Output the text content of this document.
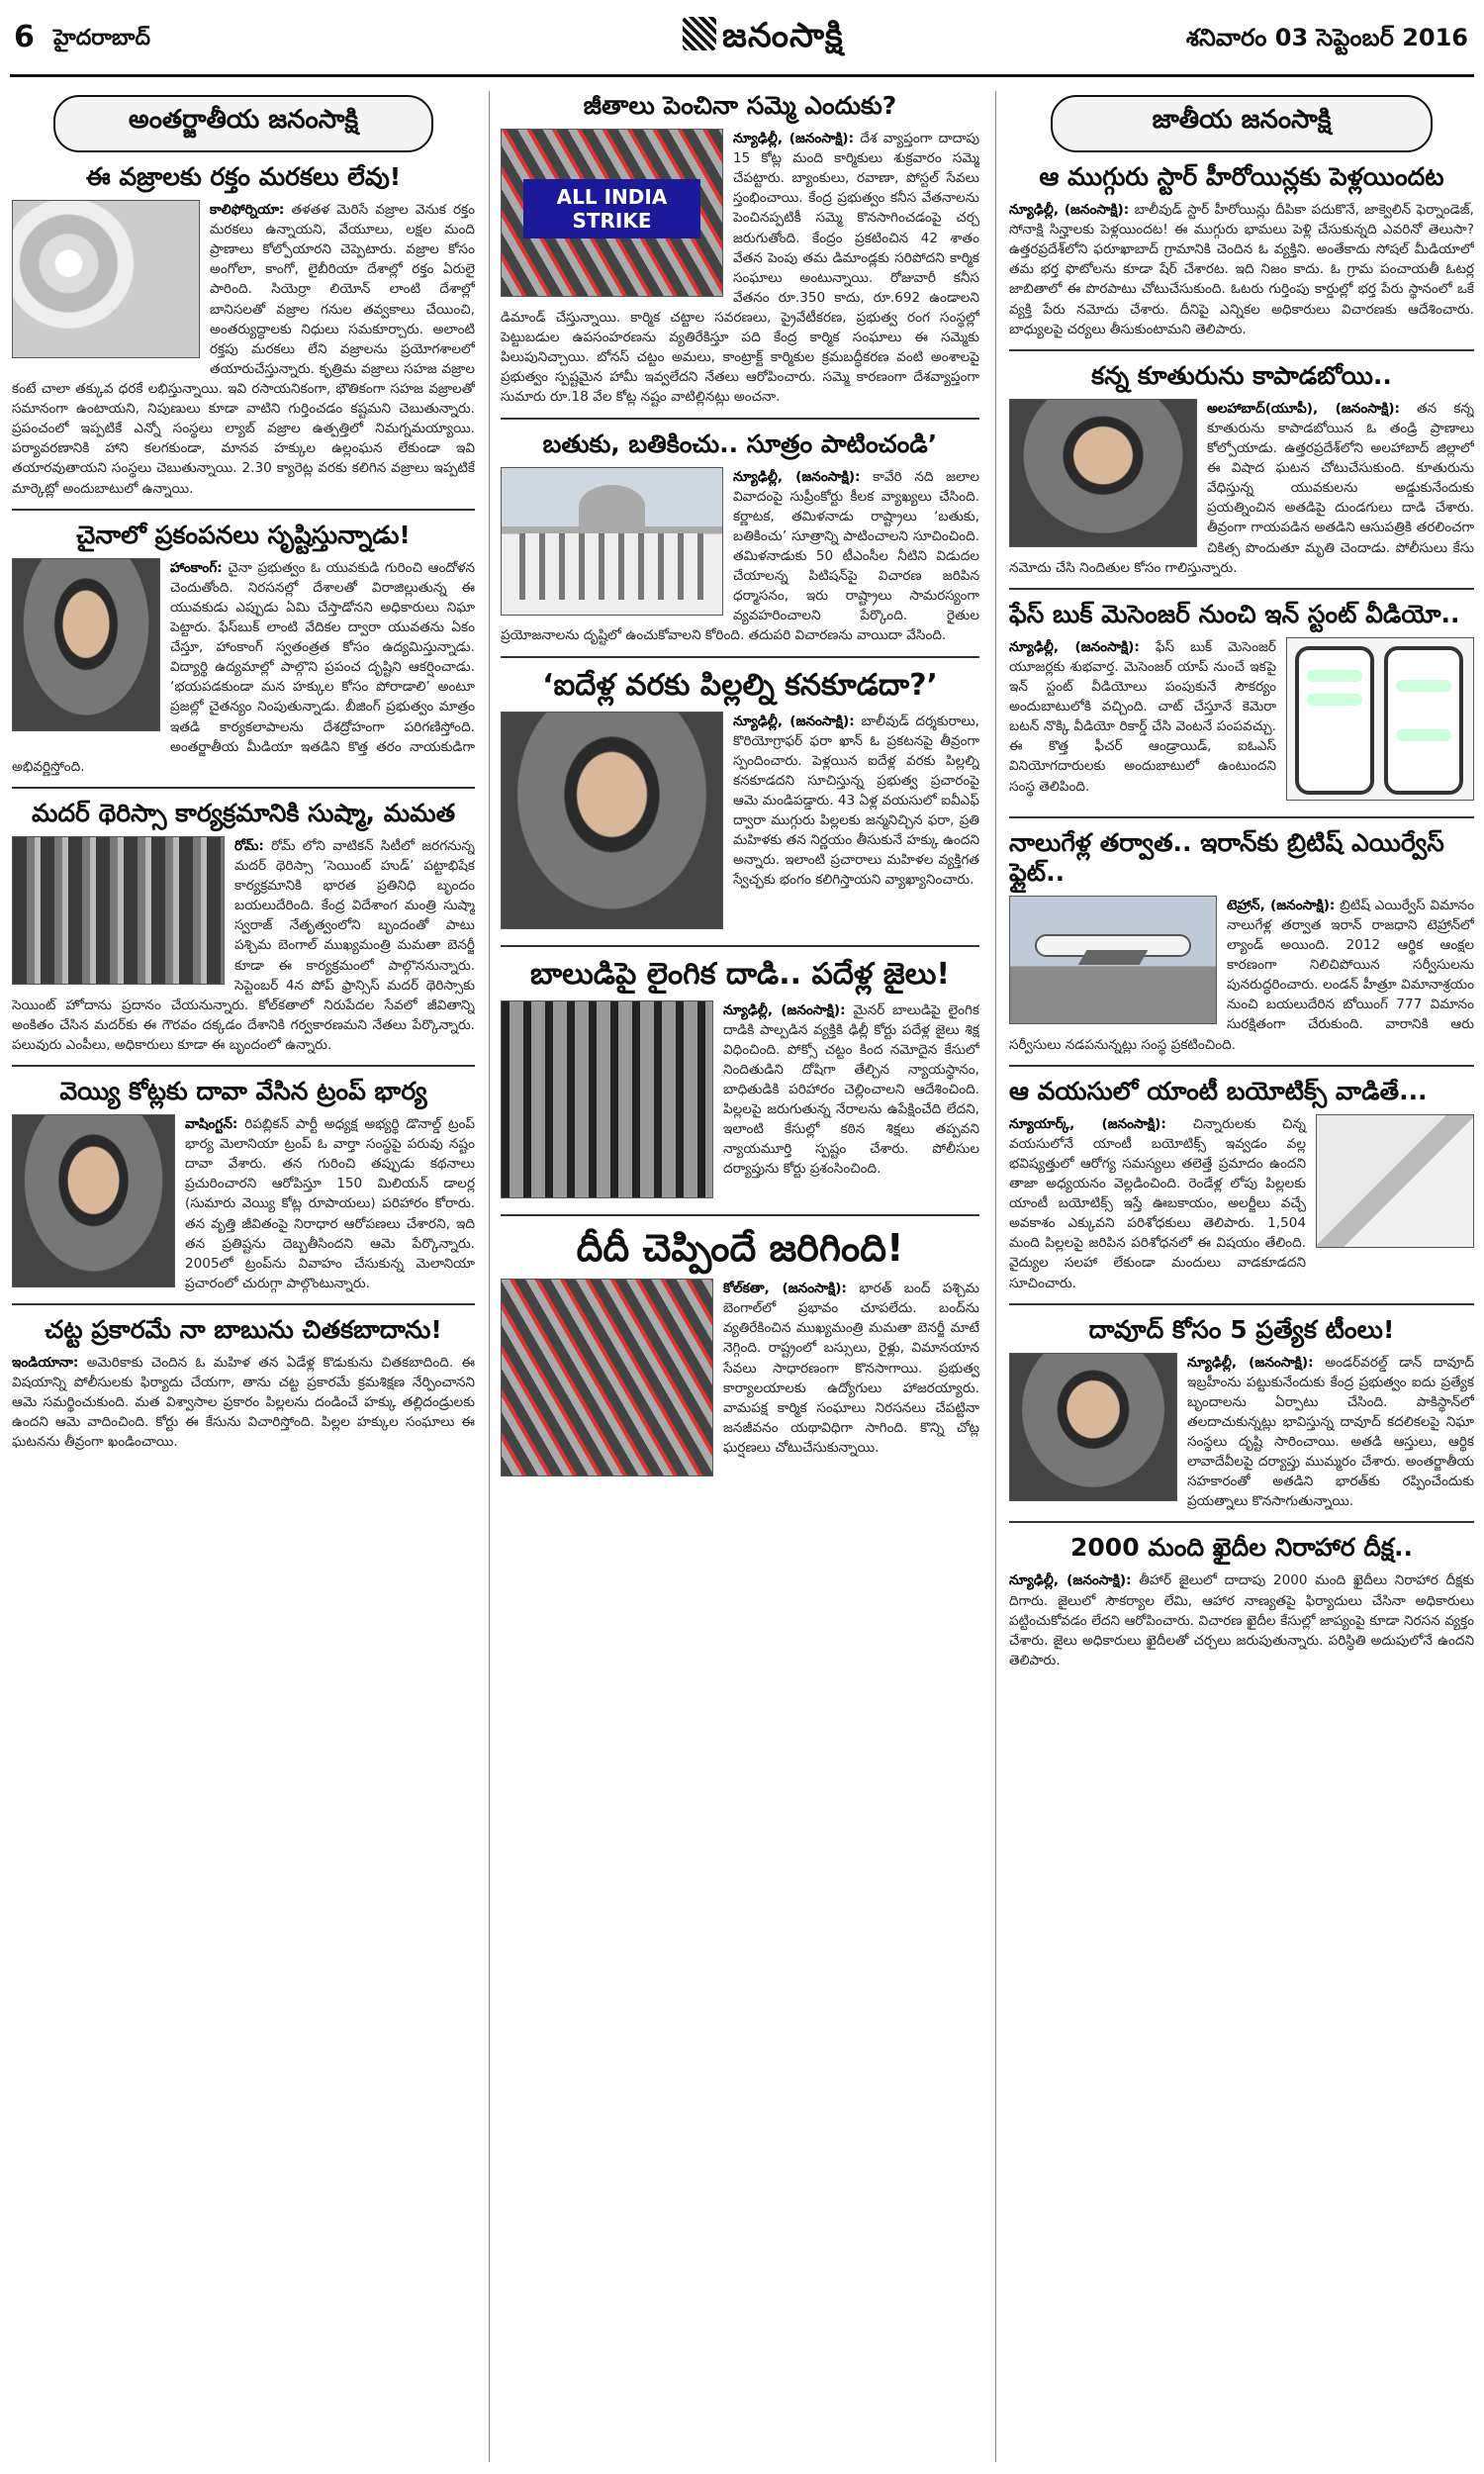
6 హైదరాబాద్	జనంసాక్షి	శనివారం 03 సెప్టెంబర్ 2016
అంతర్జాతీయ జనంసాక్షి
ఈ వజ్రాలకు రక్తం మరకలు లేవు!

కాలిఫోర్నియా: తళతళ మెరిసే వజ్రాల వెనుక రక్తం మరకలు ఉన్నాయని, వేయూలు, లక్షల మంది ప్రాణాలు కోల్పోయారని చెప్పెటారు. వజ్రాల కోసం అంగోలా, కాంగో, లైబీరియా దేశాల్లో రక్తం ఏరులై పారింది. సియెర్రా లియోన్ లాంటి దేశాల్లో బానిసలతో వజ్రాల గనుల తవ్వకాలు చేయించి, అంతర్యుద్ధాలకు నిధులు సమకూర్చారు. అలాంటి రక్తపు మరకలు లేని వజ్రాలను ప్రయోగశాలలో తయారుచేస్తున్నారు. కృత్రిమ వజ్రాలు సహజ వజ్రాల కంటే చాలా తక్కువ ధరకే లభిస్తున్నాయి. ఇవి రసాయనికంగా, భౌతికంగా సహజ వజ్రాలతో సమానంగా ఉంటాయని, నిపుణులు కూడా వాటిని గుర్తించడం కష్టమని చెబుతున్నారు. ప్రపంచంలో ఇప్పటికే ఎన్నో సంస్థలు ల్యాబ్ వజ్రాల ఉత్పత్తిలో నిమగ్నమయ్యాయి. పర్యావరణానికి హాని కలగకుండా, మానవ హక్కుల ఉల్లంఘన లేకుండా ఇవి తయారవుతాయని సంస్థలు చెబుతున్నాయి. 2.30 క్యారెట్ల వరకు కలిగిన వజ్రాలు ఇప్పటికే మార్కెట్లో అందుబాటులో ఉన్నాయి.

చైనాలో ప్రకంపనలు సృష్టిస్తున్నాడు!

హాంకాంగ్: చైనా ప్రభుత్వం ఓ యువకుడి గురించి ఆందోళన చెందుతోంది. నిరసనల్లో దేశాలతో విరాజిల్లుతున్న ఈ యువకుడు ఎప్పుడు ఏమి చేస్తాడోనని అధికారులు నిఘా పెట్టారు. ఫేస్‌బుక్ లాంటి వేదికల ద్వారా యువతను ఏకం చేస్తూ, హాంకాంగ్ స్వతంత్రత కోసం ఉద్యమిస్తున్నాడు. విద్యార్థి ఉద్యమాల్లో పాల్గొని ప్రపంచ దృష్టిని ఆకర్షించాడు. ‘భయపడకుండా మన హక్కుల కోసం పోరాడాలి’ అంటూ ప్రజల్లో చైతన్యం నింపుతున్నాడు. బీజింగ్ ప్రభుత్వం మాత్రం ఇతడి కార్యకలాపాలను దేశద్రోహంగా పరిగణిస్తోంది. అంతర్జాతీయ మీడియా ఇతడిని కొత్త తరం నాయకుడిగా అభివర్ణిస్తోంది.

మదర్ థెరిస్సా కార్యక్రమానికి సుష్మా, మమత

రోమ్: రోమ్ లోని వాటికన్ సిటీలో జరగనున్న మదర్ థెరిస్సా ‘సెయింట్ హుడ్’ పట్టాభిషేక కార్యక్రమానికి భారత ప్రతినిధి బృందం బయలుదేరింది. కేంద్ర విదేశాంగ మంత్రి సుష్మా స్వరాజ్ నేతృత్వంలోని బృందంతో పాటు పశ్చిమ బెంగాల్ ముఖ్యమంత్రి మమతా బెనర్జీ కూడా ఈ కార్యక్రమంలో పాల్గొననున్నారు. సెప్టెంబర్ 4న పోప్ ఫ్రాన్సిస్ మదర్ థెరిస్సాకు సెయింట్ హోదాను ప్రదానం చేయనున్నారు. కోల్‌కతాలో నిరుపేదల సేవలో జీవితాన్ని అంకితం చేసిన మదర్‌కు ఈ గౌరవం దక్కడం దేశానికి గర్వకారణమని నేతలు పేర్కొన్నారు. పలువురు ఎంపీలు, అధికారులు కూడా ఈ బృందంలో ఉన్నారు.

వెయ్యి కోట్లకు దావా వేసిన ట్రంప్ భార్య

వాషింగ్టన్: రిపబ్లికన్ పార్టీ అధ్యక్ష అభ్యర్థి డొనాల్డ్ ట్రంప్ భార్య మెలానియా ట్రంప్ ఓ వార్తా సంస్థపై పరువు నష్టం దావా వేశారు. తన గురించి తప్పుడు కథనాలు ప్రచురించారని ఆరోపిస్తూ 150 మిలియన్ డాలర్ల (సుమారు వెయ్యి కోట్ల రూపాయలు) పరిహారం కోరారు. తన వృత్తి జీవితంపై నిరాధార ఆరోపణలు చేశారని, ఇది తన ప్రతిష్టను దెబ్బతీసిందని ఆమె పేర్కొన్నారు. 2005లో ట్రంప్‌ను వివాహం చేసుకున్న మెలానియా ప్రచారంలో చురుగ్గా పాల్గొంటున్నారు.

చట్ట ప్రకారమే నా బాబును చితకబాదాను!

ఇండియానా: అమెరికాకు చెందిన ఓ మహిళ తన ఏడేళ్ల కొడుకును చితకబాదింది. ఈ విషయాన్ని పోలీసులకు ఫిర్యాదు చేయగా, తాను చట్ట ప్రకారమే క్రమశిక్షణ నేర్పించానని ఆమె సమర్థించుకుంది. మత విశ్వాసాల ప్రకారం పిల్లలను దండించే హక్కు తల్లిదండ్రులకు ఉందని ఆమె వాదించింది. కోర్టు ఈ కేసును విచారిస్తోంది. పిల్లల హక్కుల సంఘాలు ఈ ఘటనను తీవ్రంగా ఖండించాయి.

జీతాలు పెంచినా సమ్మె ఎందుకు?
ALL INDIA STRIKE

న్యూఢిల్లీ, (జనంసాక్షి): దేశ వ్యాప్తంగా దాదాపు 15 కోట్ల మంది కార్మికులు శుక్రవారం సమ్మె చేపట్టారు. బ్యాంకులు, రవాణా, పోస్టల్ సేవలు స్తంభించాయి. కేంద్ర ప్రభుత్వం కనీస వేతనాలను పెంచినప్పటికీ సమ్మె కొనసాగించడంపై చర్చ జరుగుతోంది. కేంద్రం ప్రకటించిన 42 శాతం వేతన పెంపు తమ డిమాండ్లకు సరిపోదని కార్మిక సంఘాలు అంటున్నాయి. రోజువారీ కనీస వేతనం రూ.350 కాదు, రూ.692 ఉండాలని డిమాండ్ చేస్తున్నాయి. కార్మిక చట్టాల సవరణలు, ప్రైవేటీకరణ, ప్రభుత్వ రంగ సంస్థల్లో పెట్టుబడుల ఉపసంహరణను వ్యతిరేకిస్తూ పది కేంద్ర కార్మిక సంఘాలు ఈ సమ్మెకు పిలుపునిచ్చాయి. బోనస్ చట్టం అమలు, కాంట్రాక్ట్ కార్మికుల క్రమబద్ధీకరణ వంటి అంశాలపై ప్రభుత్వం స్పష్టమైన హామీ ఇవ్వలేదని నేతలు ఆరోపించారు. సమ్మె కారణంగా దేశవ్యాప్తంగా సుమారు రూ.18 వేల కోట్ల నష్టం వాటిల్లినట్లు అంచనా.

బతుకు, బతికించు.. సూత్రం పాటించండి’

న్యూఢిల్లీ, (జనంసాక్షి): కావేరి నది జలాల వివాదంపై సుప్రీంకోర్టు కీలక వ్యాఖ్యలు చేసింది. కర్ణాటక, తమిళనాడు రాష్ట్రాలు ‘బతుకు, బతికించు’ సూత్రాన్ని పాటించాలని సూచించింది. తమిళనాడుకు 50 టీఎంసీల నీటిని విడుదల చేయాలన్న పిటిషన్‌పై విచారణ జరిపిన ధర్మాసనం, ఇరు రాష్ట్రాలు సామరస్యంగా వ్యవహరించాలని పేర్కొంది. రైతుల ప్రయోజనాలను దృష్టిలో ఉంచుకోవాలని కోరింది. తదుపరి విచారణను వాయిదా వేసింది.

‘ఐదేళ్ల వరకు పిల్లల్ని కనకూడదా?’

న్యూఢిల్లీ, (జనంసాక్షి): బాలీవుడ్ దర్శకురాలు, కొరియోగ్రాఫర్ ఫరా ఖాన్ ఓ ప్రకటనపై తీవ్రంగా స్పందించారు. పెళ్లయిన ఐదేళ్ల వరకు పిల్లల్ని కనకూడదని సూచిస్తున్న ప్రభుత్వ ప్రచారంపై ఆమె మండిపడ్డారు. 43 ఏళ్ల వయసులో ఐవీఎఫ్ ద్వారా ముగ్గురు పిల్లలకు జన్మనిచ్చిన ఫరా, ప్రతి మహిళకు తన నిర్ణయం తీసుకునే హక్కు ఉందని అన్నారు. ఇలాంటి ప్రచారాలు మహిళల వ్యక్తిగత స్వేచ్ఛకు భంగం కలిగిస్తాయని వ్యాఖ్యానించారు.

బాలుడిపై లైంగిక దాడి.. పదేళ్ల జైలు!

న్యూఢిల్లీ, (జనంసాక్షి): మైనర్ బాలుడిపై లైంగిక దాడికి పాల్పడిన వ్యక్తికి ఢిల్లీ కోర్టు పదేళ్ల జైలు శిక్ష విధించింది. పోక్సో చట్టం కింద నమోదైన కేసులో నిందితుడిని దోషిగా తేల్చిన న్యాయస్థానం, బాధితుడికి పరిహారం చెల్లించాలని ఆదేశించింది. పిల్లలపై జరుగుతున్న నేరాలను ఉపేక్షించేది లేదని, ఇలాంటి కేసుల్లో కఠిన శిక్షలు తప్పవని న్యాయమూర్తి స్పష్టం చేశారు. పోలీసుల దర్యాప్తును కోర్టు ప్రశంసించింది.

దీదీ చెప్పిందే జరిగింది!

కోల్‌కతా, (జనంసాక్షి): భారత్ బంద్ పశ్చిమ బెంగాల్‌లో ప్రభావం చూపలేదు. బంద్‌ను వ్యతిరేకించిన ముఖ్యమంత్రి మమతా బెనర్జీ మాటే నెగ్గింది. రాష్ట్రంలో బస్సులు, రైళ్లు, విమానయాన సేవలు సాధారణంగా కొనసాగాయి. ప్రభుత్వ కార్యాలయాలకు ఉద్యోగులు హాజరయ్యారు. వామపక్ష కార్మిక సంఘాలు నిరసనలు చేపట్టినా జనజీవనం యథావిధిగా సాగింది. కొన్ని చోట్ల ఘర్షణలు చోటుచేసుకున్నాయి.

జాతీయ జనంసాక్షి
ఆ ముగ్గురు స్టార్ హీరోయిన్లకు పెళ్లయిందట

న్యూఢిల్లీ, (జనంసాక్షి): బాలీవుడ్ స్టార్ హీరోయిన్లు దీపికా పదుకొనే, జాక్వెలిన్ ఫెర్నాండెజ్, సోనాక్షి సిన్హాలకు పెళ్లయిందట! ఈ ముగ్గురు భామలు పెళ్లి చేసుకున్నది ఎవరినో తెలుసా? ఉత్తరప్రదేశ్‌లోని ఫరూఖాబాద్ గ్రామానికి చెందిన ఓ వ్యక్తిని. అంతేకాదు సోషల్ మీడియాలో తమ భర్త ఫొటోలను కూడా షేర్ చేశారట. ఇది నిజం కాదు. ఓ గ్రామ పంచాయతీ ఓటర్ల జాబితాలో ఈ పొరపాటు చోటుచేసుకుంది. ఓటరు గుర్తింపు కార్డుల్లో భర్త పేరు స్థానంలో ఒకే వ్యక్తి పేరు నమోదు చేశారు. దీనిపై ఎన్నికల అధికారులు విచారణకు ఆదేశించారు. బాధ్యులపై చర్యలు తీసుకుంటామని తెలిపారు.

కన్న కూతురును కాపాడబోయి..

అలహాబాద్(యూపీ), (జనంసాక్షి): తన కన్న కూతురును కాపాడబోయిన ఓ తండ్రి ప్రాణాలు కోల్పోయాడు. ఉత్తరప్రదేశ్‌లోని అలహాబాద్ జిల్లాలో ఈ విషాద ఘటన చోటుచేసుకుంది. కూతురును వేధిస్తున్న యువకులను అడ్డుకునేందుకు ప్రయత్నించిన అతడిపై దుండగులు దాడి చేశారు. తీవ్రంగా గాయపడిన అతడిని ఆసుపత్రికి తరలించగా చికిత్స పొందుతూ మృతి చెందాడు. పోలీసులు కేసు నమోదు చేసి నిందితుల కోసం గాలిస్తున్నారు.

ఫేస్ బుక్ మెసెంజర్ నుంచి ఇన్ స్టంట్ వీడియో..

న్యూఢిల్లీ, (జనంసాక్షి): ఫేస్ బుక్ మెసెంజర్ యూజర్లకు శుభవార్త. మెసెంజర్ యాప్ నుంచే ఇకపై ఇన్ స్టంట్ వీడియోలు పంపుకునే సౌకర్యం అందుబాటులోకి వచ్చింది. చాట్ చేస్తూనే కెమెరా బటన్ నొక్కి వీడియో రికార్డ్ చేసి వెంటనే పంపవచ్చు. ఈ కొత్త ఫీచర్ ఆండ్రాయిడ్, ఐఓఎస్ వినియోగదారులకు అందుబాటులో ఉంటుందని సంస్థ తెలిపింది.

నాలుగేళ్ల తర్వాత.. ఇరాన్‌కు బ్రిటిష్ ఎయిర్వేస్ ఫ్లైట్..

టెహ్రాన్, (జనంసాక్షి): బ్రిటిష్ ఎయిర్వేస్ విమానం నాలుగేళ్ల తర్వాత ఇరాన్ రాజధాని టెహ్రాన్‌లో ల్యాండ్ అయింది. 2012 ఆర్థిక ఆంక్షల కారణంగా నిలిచిపోయిన సర్వీసులను పునరుద్ధరించారు. లండన్ హీత్రూ విమానాశ్రయం నుంచి బయలుదేరిన బోయింగ్ 777 విమానం సురక్షితంగా చేరుకుంది. వారానికి ఆరు సర్వీసులు నడపనున్నట్లు సంస్థ ప్రకటించింది.

ఆ వయసులో యాంటీ బయోటిక్స్ వాడితే...

న్యూయార్క్, (జనంసాక్షి): చిన్నారులకు చిన్న వయసులోనే యాంటీ బయోటిక్స్ ఇవ్వడం వల్ల భవిష్యత్తులో ఆరోగ్య సమస్యలు తలెత్తే ప్రమాదం ఉందని తాజా అధ్యయనం వెల్లడించింది. రెండేళ్ల లోపు పిల్లలకు యాంటీ బయోటిక్స్ ఇస్తే ఊబకాయం, అలర్జీలు వచ్చే అవకాశం ఎక్కువని పరిశోధకులు తెలిపారు. 1,504 మంది పిల్లలపై జరిపిన పరిశోధనలో ఈ విషయం తేలింది. వైద్యుల సలహా లేకుండా మందులు వాడకూడదని సూచించారు.

దావూద్ కోసం 5 ప్రత్యేక టీంలు!

న్యూఢిల్లీ, (జనంసాక్షి): అండర్‌వరల్డ్ డాన్ దావూద్ ఇబ్రహీంను పట్టుకునేందుకు కేంద్ర ప్రభుత్వం ఐదు ప్రత్యేక బృందాలను ఏర్పాటు చేసింది. పాకిస్థాన్‌లో తలదాచుకున్నట్లు భావిస్తున్న దావూద్ కదలికలపై నిఘా సంస్థలు దృష్టి సారించాయి. అతడి ఆస్తులు, ఆర్థిక లావాదేవీలపై దర్యాప్తు ముమ్మరం చేశారు. అంతర్జాతీయ సహకారంతో అతడిని భారత్‌కు రప్పించేందుకు ప్రయత్నాలు కొనసాగుతున్నాయి.

2000 మంది ఖైదీల నిరాహార దీక్ష..

న్యూఢిల్లీ, (జనంసాక్షి): తీహార్ జైలులో దాదాపు 2000 మంది ఖైదీలు నిరాహార దీక్షకు దిగారు. జైలులో సౌకర్యాల లేమి, ఆహార నాణ్యతపై ఫిర్యాదులు చేసినా అధికారులు పట్టించుకోవడం లేదని ఆరోపించారు. విచారణ ఖైదీల కేసుల్లో జాప్యంపై కూడా నిరసన వ్యక్తం చేశారు. జైలు అధికారులు ఖైదీలతో చర్చలు జరుపుతున్నారు. పరిస్థితి అదుపులోనే ఉందని తెలిపారు.
